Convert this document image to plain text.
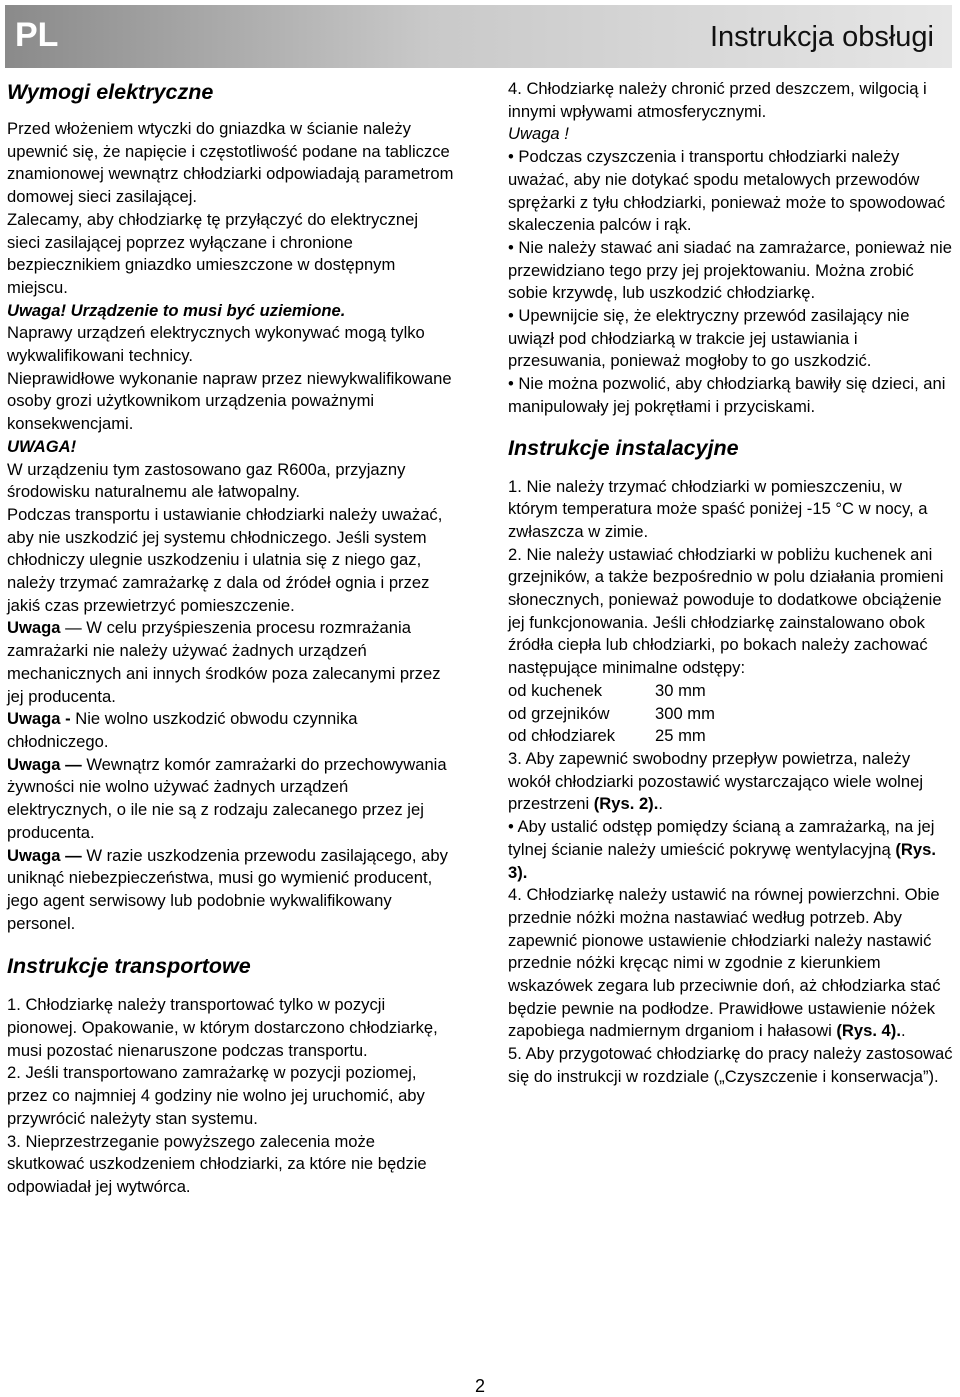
PL	Instrukcja obsługi
Wymogi elektryczne

Przed włożeniem wtyczki do gniazdka w ścianie należy upewnić się, że napięcie i częstotliwość podane na tabliczce znamionowej wewnątrz chłodziarki odpowiadają parametrom domowej sieci zasilającej.

Zalecamy, aby chłodziarkę tę przyłączyć do elektrycznej sieci zasilającej poprzez wyłączane i chronione bezpiecznikiem gniazdko umieszczone w dostępnym miejscu.

Uwaga! Urządzenie to musi być uziemione.

Naprawy urządzeń elektrycznych wykonywać mogą tylko wykwalifikowani technicy.

Nieprawidłowe wykonanie napraw przez niewykwalifikowane osoby grozi użytkownikom urządzenia poważnymi konsekwencjami.

UWAGA!

W urządzeniu tym zastosowano gaz R600a, przyjazny środowisku naturalnemu ale łatwopalny.

Podczas transportu i ustawianie chłodziarki należy uważać, aby nie uszkodzić jej systemu chłodniczego. Jeśli system chłodniczy ulegnie uszkodzeniu i ulatnia się z niego gaz, należy trzymać zamrażarkę z dala od źródeł ognia i przez jakiś czas przewietrzyć pomieszczenie.

Uwaga — W celu przyśpieszenia procesu rozmrażania zamrażarki nie należy używać żadnych urządzeń mechanicznych ani innych środków poza zalecanymi przez jej producenta.

Uwaga - Nie wolno uszkodzić obwodu czynnika chłodniczego.

Uwaga — Wewnątrz komór zamrażarki do przechowywania żywności nie wolno używać żadnych urządzeń elektrycznych, o ile nie są z rodzaju zalecanego przez jej producenta.

Uwaga — W razie uszkodzenia przewodu zasilającego, aby uniknąć niebezpieczeństwa, musi go wymienić producent, jego agent serwisowy lub podobnie wykwalifikowany personel.

Instrukcje transportowe

1. Chłodziarkę należy transportować tylko w pozycji pionowej. Opakowanie, w którym dostarczono chłodziarkę, musi pozostać nienaruszone podczas transportu.

2. Jeśli transportowano zamrażarkę w pozycji poziomej, przez co najmniej 4 godziny nie wolno jej uruchomić, aby przywrócić należyty stan systemu.

3. Nieprzestrzeganie powyższego zalecenia może skutkować uszkodzeniem chłodziarki, za które nie będzie odpowiadał jej wytwórca.

4. Chłodziarkę należy chronić przed deszczem, wilgocią i innymi wpływami atmosferycznymi.

Uwaga !

• Podczas czyszczenia i transportu chłodziarki należy uważać, aby nie dotykać spodu metalowych przewodów sprężarki z tyłu chłodziarki, ponieważ może to spowodować skaleczenia palców i rąk.

• Nie należy stawać ani siadać na zamrażarce, ponieważ nie przewidziano tego przy jej projektowaniu. Można zrobić sobie krzywdę, lub uszkodzić chłodziarkę.

• Upewnijcie się, że elektryczny przewód zasilający nie uwiązł pod chłodziarką w trakcie jej ustawiania i przesuwania, ponieważ mogłoby to go uszkodzić.

• Nie można pozwolić, aby chłodziarką bawiły się dzieci, ani manipulowały jej pokrętłami i przyciskami.

Instrukcje instalacyjne

1. Nie należy trzymać chłodziarki w pomieszczeniu, w którym temperatura może spaść poniżej -15 °C w nocy, a zwłaszcza w zimie.

2. Nie należy ustawiać chłodziarki w pobliżu kuchenek ani grzejników, a także bezpośrednio w polu działania promieni słonecznych, ponieważ powoduje to dodatkowe obciążenie jej funkcjonowania. Jeśli chłodziarkę zainstalowano obok źródła ciepła lub chłodziarki, po bokach należy zachować następujące minimalne odstępy:

od kuchenek	30 mm
od grzejników	300 mm
od chłodziarek	25 mm

3. Aby zapewnić swobodny przepływ powietrza, należy wokół chłodziarki pozostawić wystarczająco wiele wolnej przestrzeni (Rys. 2)..

• Aby ustalić odstęp pomiędzy ścianą a zamrażarką, na jej tylnej ścianie należy umieścić pokrywę wentylacyjną (Rys. 3).

4. Chłodziarkę należy ustawić na równej powierzchni. Obie przednie nóżki można nastawiać według potrzeb. Aby zapewnić pionowe ustawienie chłodziarki należy nastawić przednie nóżki kręcąc nimi w zgodnie z kierunkiem wskazówek zegara lub przeciwnie doń, aż chłodziarka stać będzie pewnie na podłodze. Prawidłowe ustawienie nóżek zapobiega nadmiernym drganiom i hałasowi (Rys. 4)..

5. Aby przygotować chłodziarkę do pracy należy zastosować się do instrukcji w rozdziale („Czyszczenie i konserwacja”).

2
